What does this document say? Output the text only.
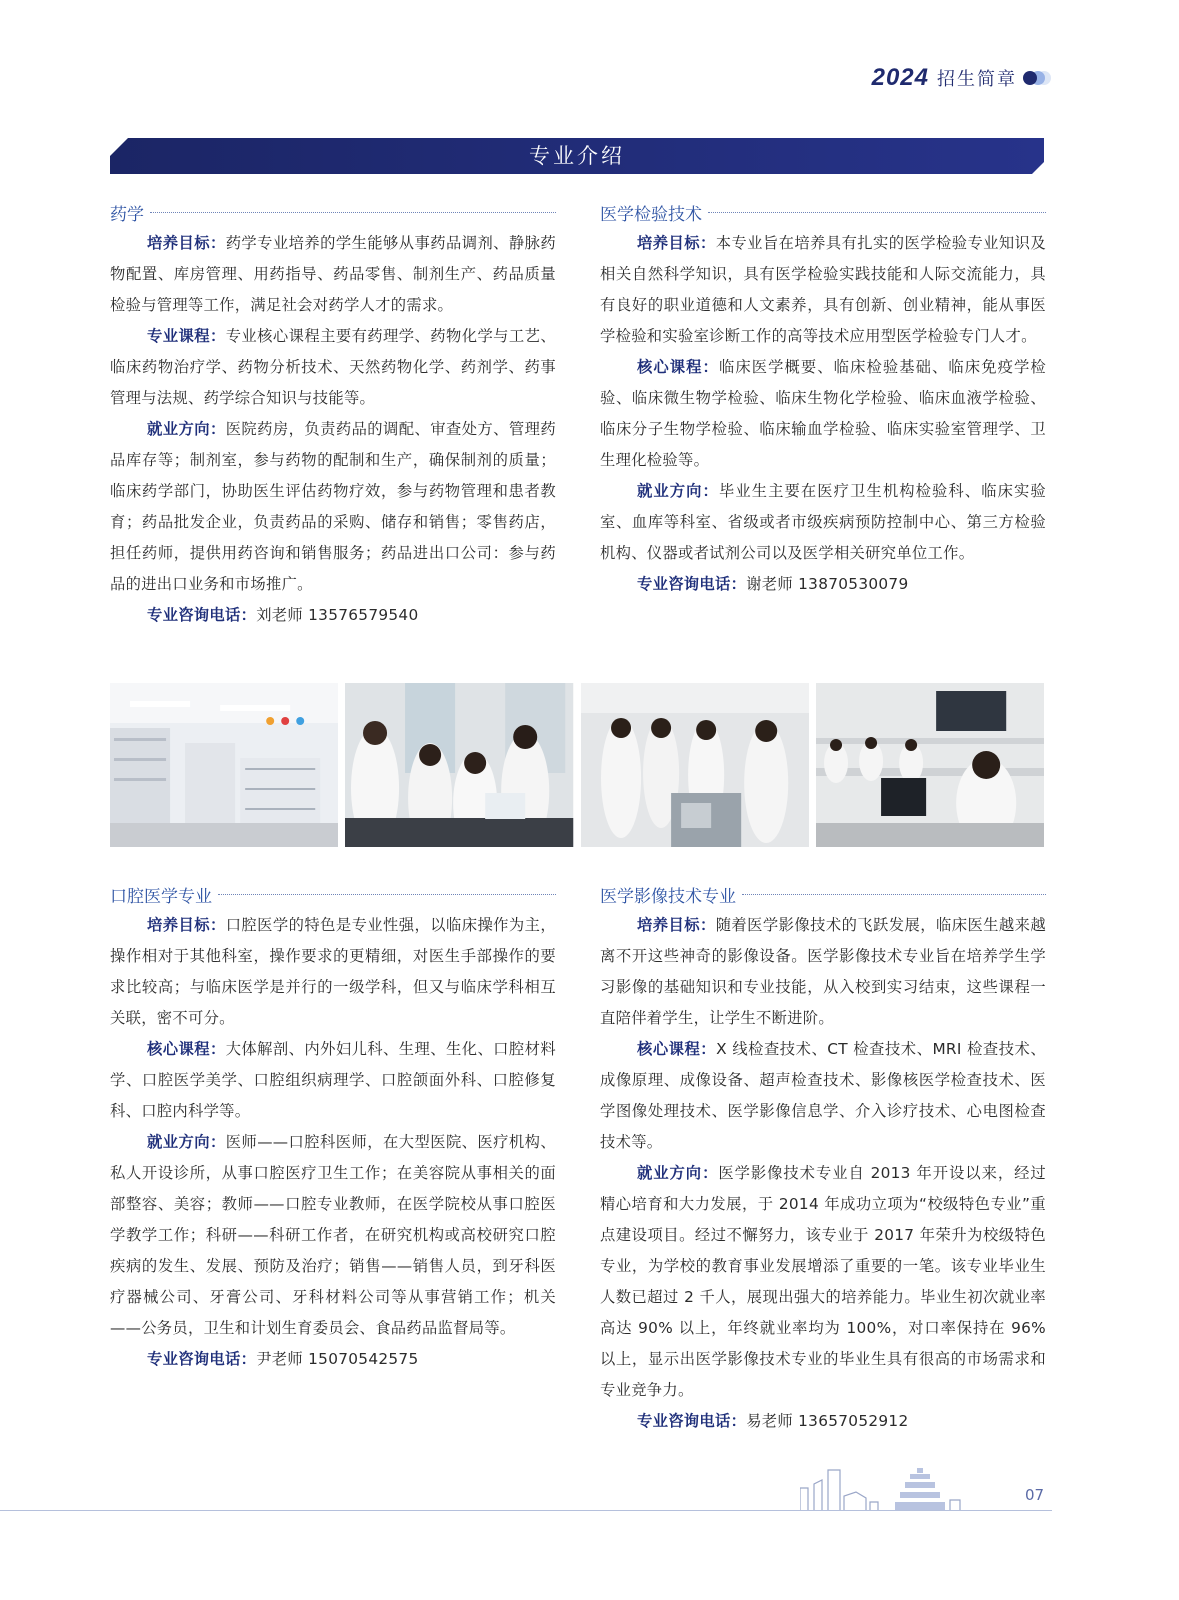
2024 招生简章
专业介绍
药学

培养目标：药学专业培养的学生能够从事药品调剂、静脉药物配置、库房管理、用药指导、药品零售、制剂生产、药品质量检验与管理等工作，满足社会对药学人才的需求。

专业课程：专业核心课程主要有药理学、药物化学与工艺、临床药物治疗学、药物分析技术、天然药物化学、药剂学、药事管理与法规、药学综合知识与技能等。

就业方向：医院药房，负责药品的调配、审查处方、管理药品库存等；制剂室，参与药物的配制和生产，确保制剂的质量；临床药学部门，协助医生评估药物疗效，参与药物管理和患者教育；药品批发企业，负责药品的采购、储存和销售；零售药店，担任药师，提供用药咨询和销售服务；药品进出口公司：参与药品的进出口业务和市场推广。

专业咨询电话：刘老师 13576579540

医学检验技术

培养目标：本专业旨在培养具有扎实的医学检验专业知识及相关自然科学知识，具有医学检验实践技能和人际交流能力，具有良好的职业道德和人文素养，具有创新、创业精神，能从事医学检验和实验室诊断工作的高等技术应用型医学检验专门人才。

核心课程：临床医学概要、临床检验基础、临床免疫学检验、临床微生物学检验、临床生物化学检验、临床血液学检验、临床分子生物学检验、临床输血学检验、临床实验室管理学、卫生理化检验等。

就业方向：毕业生主要在医疗卫生机构检验科、临床实验室、血库等科室、省级或者市级疾病预防控制中心、第三方检验机构、仪器或者试剂公司以及医学相关研究单位工作。

专业咨询电话：谢老师 13870530079

口腔医学专业

培养目标：口腔医学的特色是专业性强，以临床操作为主，操作相对于其他科室，操作要求的更精细，对医生手部操作的要求比较高；与临床医学是并行的一级学科，但又与临床学科相互关联，密不可分。

核心课程：大体解剖、内外妇儿科、生理、生化、口腔材料学、口腔医学美学、口腔组织病理学、口腔颌面外科、口腔修复科、口腔内科学等。

就业方向：医师——口腔科医师，在大型医院、医疗机构、私人开设诊所，从事口腔医疗卫生工作；在美容院从事相关的面部整容、美容；教师——口腔专业教师，在医学院校从事口腔医学教学工作；科研——科研工作者，在研究机构或高校研究口腔疾病的发生、发展、预防及治疗；销售——销售人员，到牙科医疗器械公司、牙膏公司、牙科材料公司等从事营销工作；机关——公务员，卫生和计划生育委员会、食品药品监督局等。

专业咨询电话：尹老师 15070542575

医学影像技术专业

培养目标：随着医学影像技术的飞跃发展，临床医生越来越离不开这些神奇的影像设备。医学影像技术专业旨在培养学生学习影像的基础知识和专业技能，从入校到实习结束，这些课程一直陪伴着学生，让学生不断进阶。

核心课程：X 线检查技术、CT 检查技术、MRI 检查技术、成像原理、成像设备、超声检查技术、影像核医学检查技术、医学图像处理技术、医学影像信息学、介入诊疗技术、心电图检查技术等。

就业方向：医学影像技术专业自 2013 年开设以来，经过精心培育和大力发展，于 2014 年成功立项为“校级特色专业”重点建设项目。经过不懈努力，该专业于 2017 年荣升为校级特色专业，为学校的教育事业发展增添了重要的一笔。该专业毕业生人数已超过 2 千人，展现出强大的培养能力。毕业生初次就业率高达 90% 以上，年终就业率均为 100%，对口率保持在 96% 以上，显示出医学影像技术专业的毕业生具有很高的市场需求和专业竞争力。

专业咨询电话：易老师 13657052912

07
